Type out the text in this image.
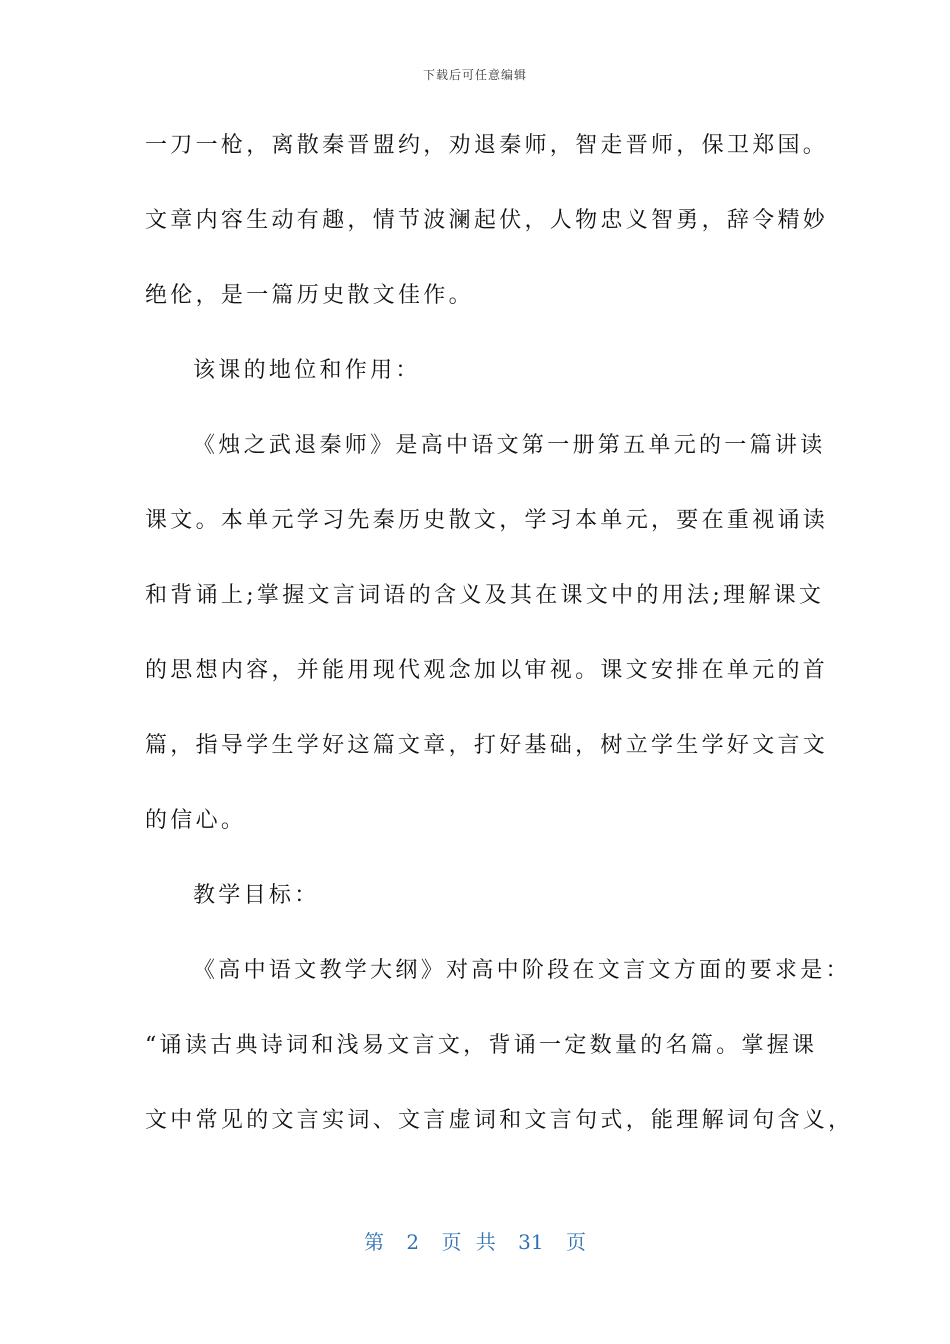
下载后可任意编辑
一刀一枪，离散秦晋盟约，劝退秦师，智走晋师，保卫郑国。
文章内容生动有趣，情节波澜起伏，人物忠义智勇，辞令精妙
绝伦，是一篇历史散文佳作。
该课的地位和作用：
《烛之武退秦师》是高中语文第一册第五单元的一篇讲读
课文。本单元学习先秦历史散文，学习本单元，要在重视诵读
和背诵上;掌握文言词语的含义及其在课文中的用法;理解课文
的思想内容，并能用现代观念加以审视。课文安排在单元的首
篇，指导学生学好这篇文章，打好基础，树立学生学好文言文
的信心。
教学目标：
《高中语文教学大纲》对高中阶段在文言文方面的要求是：
“诵读古典诗词和浅易文言文，背诵一定数量的名篇。掌握课
文中常见的文言实词、文言虚词和文言句式，能理解词句含义，
第 2 页 共 31 页
